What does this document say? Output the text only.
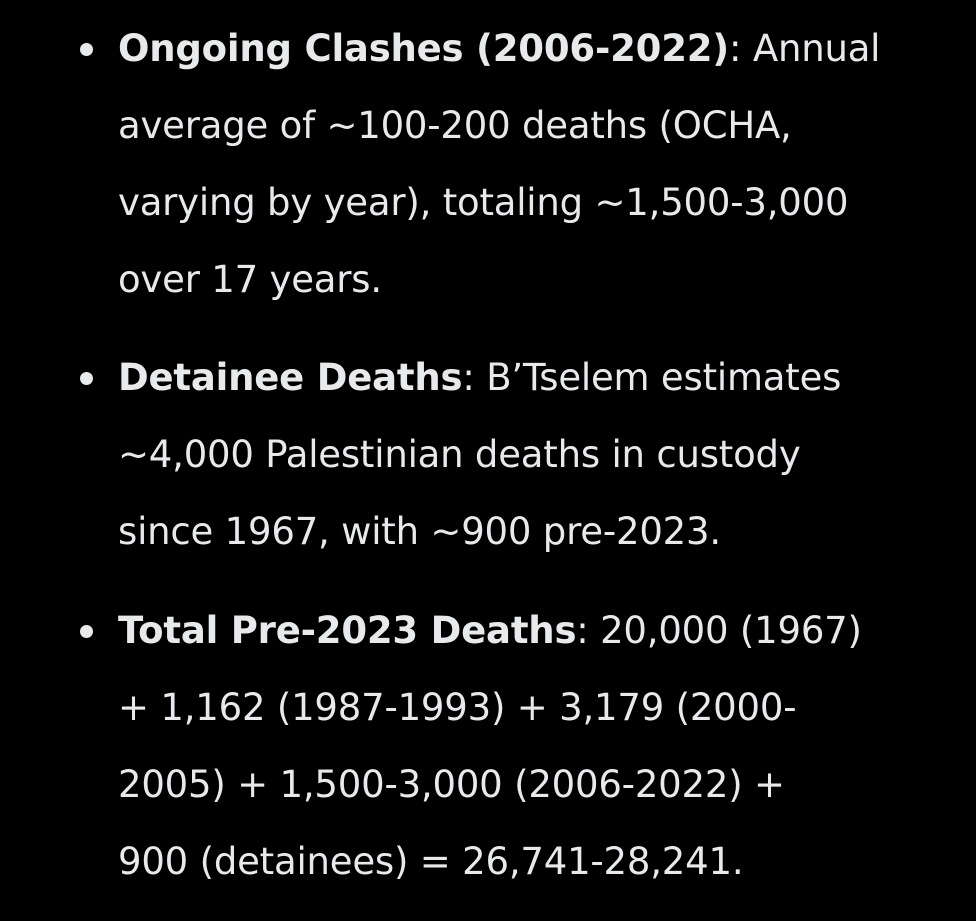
Ongoing Clashes (2006-2022): Annual
average of ~100-200 deaths (OCHA,
varying by year), totaling ~1,500-3,000
over 17 years.
Detainee Deaths: B’Tselem estimates
~4,000 Palestinian deaths in custody
since 1967, with ~900 pre-2023.
Total Pre-2023 Deaths: 20,000 (1967)
+ 1,162 (1987-1993) + 3,179 (2000-
2005) + 1,500-3,000 (2006-2022) +
900 (detainees) = 26,741-28,241.
